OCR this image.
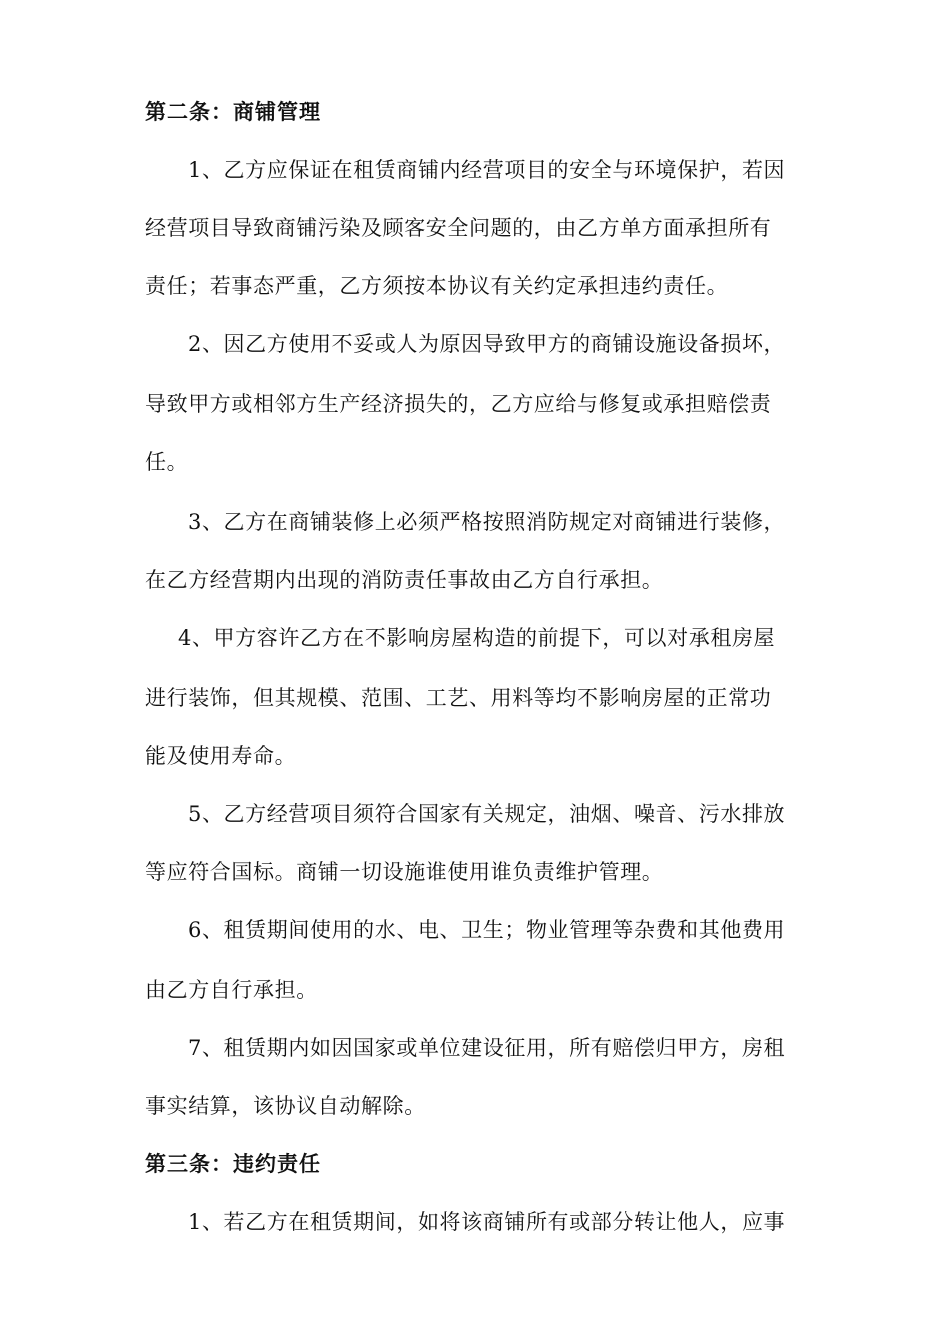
第二条：商铺管理
1、乙方应保证在租赁商铺内经营项目的安全与环境保护，若因
经营项目导致商铺污染及顾客安全问题的，由乙方单方面承担所有
责任；若事态严重，乙方须按本协议有关约定承担违约责任。
2、因乙方使用不妥或人为原因导致甲方的商铺设施设备损坏，
导致甲方或相邻方生产经济损失的，乙方应给与修复或承担赔偿责
任。
3、乙方在商铺装修上必须严格按照消防规定对商铺进行装修，
在乙方经营期内出现的消防责任事故由乙方自行承担。
4、甲方容许乙方在不影响房屋构造的前提下，可以对承租房屋
进行装饰，但其规模、范围、工艺、用料等均不影响房屋的正常功
能及使用寿命。
5、乙方经营项目须符合国家有关规定，油烟、噪音、污水排放
等应符合国标。商铺一切设施谁使用谁负责维护管理。
6、租赁期间使用的水、电、卫生；物业管理等杂费和其他费用
由乙方自行承担。
7、租赁期内如因国家或单位建设征用，所有赔偿归甲方，房租
事实结算，该协议自动解除。
第三条：违约责任
1、若乙方在租赁期间，如将该商铺所有或部分转让他人，应事
